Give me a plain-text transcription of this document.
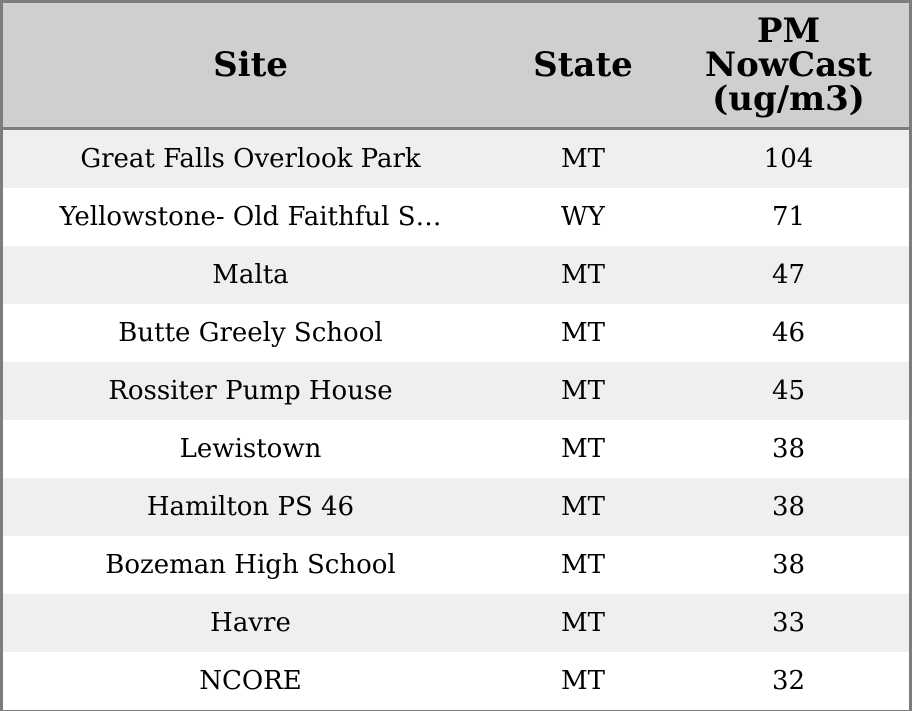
Site	State	PM
NowCast
(ug/m3)

Great Falls Overlook Park	MT	104
Yellowstone- Old Faithful S…	WY	71
Malta	MT	47
Butte Greely School	MT	46
Rossiter Pump House	MT	45
Lewistown	MT	38
Hamilton PS 46	MT	38
Bozeman High School	MT	38
Havre	MT	33
NCORE	MT	32
